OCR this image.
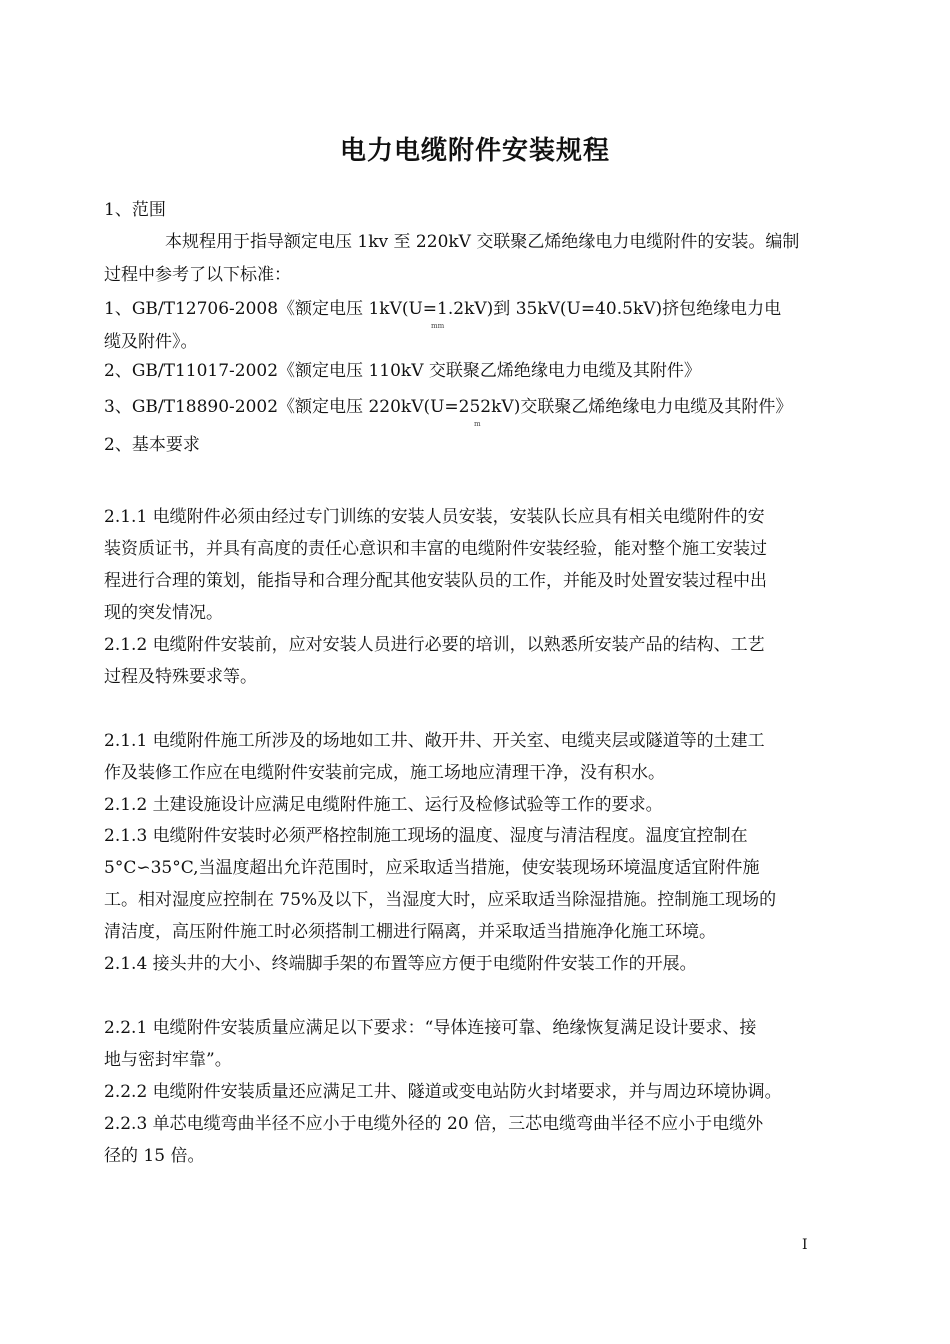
电力电缆附件安装规程
1、范围
本规程用于指导额定电压 1kv 至 220kV 交联聚乙烯绝缘电力电缆附件的安装。编制
过程中参考了以下标准：
1、GB/T12706-2008《额定电压 1kV(U=1.2kV)到 35kV(U=40.5kV)挤包绝缘电力电
mm
缆及附件》。
2、GB/T11017-2002《额定电压 110kV 交联聚乙烯绝缘电力电缆及其附件》
3、GB/T18890-2002《额定电压 220kV(U=252kV)交联聚乙烯绝缘电力电缆及其附件》
m
2、基本要求
2.1.1 电缆附件必须由经过专门训练的安装人员安装，安装队长应具有相关电缆附件的安
装资质证书，并具有高度的责任心意识和丰富的电缆附件安装经验，能对整个施工安装过
程进行合理的策划，能指导和合理分配其他安装队员的工作，并能及时处置安装过程中出
现的突发情况。
2.1.2 电缆附件安装前，应对安装人员进行必要的培训，以熟悉所安装产品的结构、工艺
过程及特殊要求等。
2.1.1 电缆附件施工所涉及的场地如工井、敞开井、开关室、电缆夹层或隧道等的土建工
作及装修工作应在电缆附件安装前完成，施工场地应清理干净，没有积水。
2.1.2 土建设施设计应满足电缆附件施工、运行及检修试验等工作的要求。
2.1.3 电缆附件安装时必须严格控制施工现场的温度、湿度与清洁程度。温度宜控制在
5°C∽35°C,当温度超出允许范围时，应采取适当措施，使安装现场环境温度适宜附件施
工。相对湿度应控制在 75%及以下，当湿度大时，应采取适当除湿措施。控制施工现场的
清洁度，高压附件施工时必须搭制工棚进行隔离，并采取适当措施净化施工环境。
2.1.4 接头井的大小、终端脚手架的布置等应方便于电缆附件安装工作的开展。
2.2.1 电缆附件安装质量应满足以下要求：“导体连接可靠、绝缘恢复满足设计要求、接
地与密封牢靠”。
2.2.2 电缆附件安装质量还应满足工井、隧道或变电站防火封堵要求，并与周边环境协调。
2.2.3 单芯电缆弯曲半径不应小于电缆外径的 20 倍，三芯电缆弯曲半径不应小于电缆外
径的 15 倍。
I
